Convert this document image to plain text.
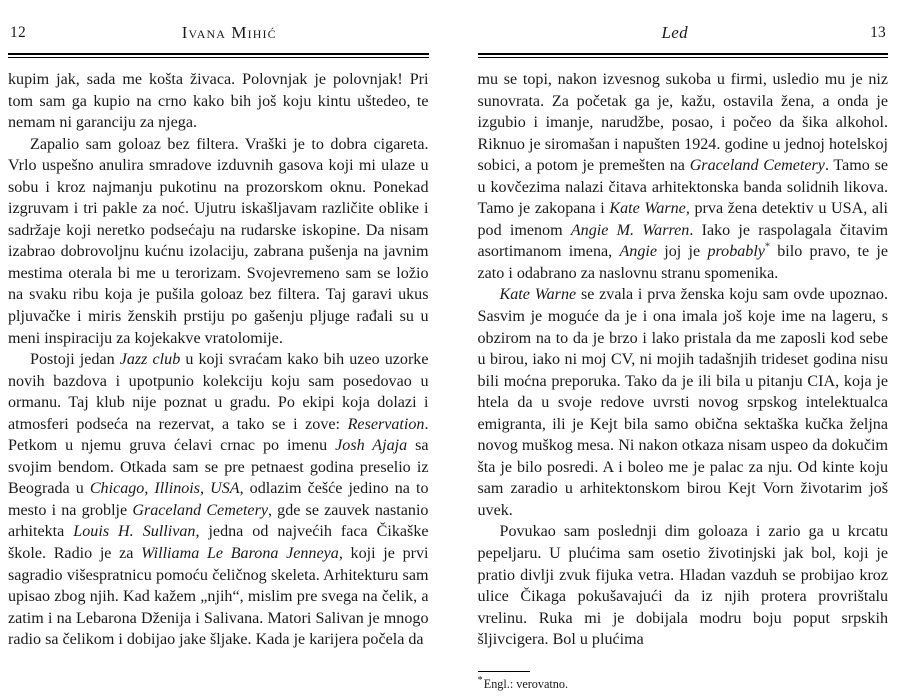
12	Ivana Mihić

kupim jak, sada me košta živaca. Polovnjak je polovnjak! Pri tom sam ga kupio na crno kako bih još koju kintu uštedeo, te nemam ni garanciju za njega.

Zapalio sam goloaz bez filtera. Vraški je to dobra cigareta. Vrlo uspešno anulira smradove izduvnih gasova koji mi ulaze u sobu i kroz najmanju pukotinu na prozorskom oknu. Ponekad izgruvam i tri pakle za noć. Ujutru iskašljavam različite oblike i sadržaje koji neretko podsećaju na rudarske iskopine. Da nisam izabrao dobrovoljnu kućnu izolaciju, zabrana pušenja na javnim mestima oterala bi me u terorizam. Svojevremeno sam se ložio na svaku ribu koja je pušila goloaz bez filtera. Taj garavi ukus pljuvačke i miris ženskih prstiju po gašenju pljuge rađali su u meni inspiraciju za kojekakve vratolomije.

Postoji jedan Jazz club u koji svraćam kako bih uzeo uzorke novih bazdova i upotpunio kolekciju koju sam posedovao u ormanu. Taj klub nije poznat u gradu. Po ekipi koja dolazi i atmosferi podseća na rezervat, a tako se i zove: Reservation. Petkom u njemu gruva ćelavi crnac po imenu Josh Ajaja sa svojim bendom. Otkada sam se pre petnaest godina preselio iz Beograda u Chicago, Illinois, USA, odlazim češće jedino na to mesto i na groblje Graceland Cemetery, gde se zauvek nastanio arhitekta Louis H. Sullivan, jedna od najvećih faca Čikaške škole. Radio je za Williama Le Barona Jenneya, koji je prvi sagradio višespratnicu pomoću čeličnog skeleta. Arhitekturu sam upisao zbog njih. Kad kažem „njih“, mislim pre svega na čelik, a zatim i na Lebarona Dženija i Salivana. Matori Salivan je mnogo radio sa čelikom i dobijao jake šljake. Kada je karijera počela da

Led	13

mu se topi, nakon izvesnog sukoba u firmi, usledio mu je niz sunovrata. Za početak ga je, kažu, ostavila žena, a onda je izgubio i imanje, narudžbe, posao, i počeo da šika alkohol. Riknuo je siromašan i napušten 1924. godine u jednoj hotelskoj sobici, a potom je premešten na Graceland Cemetery. Tamo se u kovčezima nalazi čitava arhitektonska banda solidnih likova. Tamo je zakopana i Kate Warne, prva žena detektiv u USA, ali pod imenom Angie M. Warren. Iako je raspolagala čitavim asortimanom imena, Angie joj je probably* bilo pravo, te je zato i odabrano za naslovnu stranu spomenika.

Kate Warne se zvala i prva ženska koju sam ovde upoznao. Sasvim je moguće da je i ona imala još koje ime na lageru, s obzirom na to da je brzo i lako pristala da me zaposli kod sebe u birou, iako ni moj CV, ni mojih tadašnjih trideset godina nisu bili moćna preporuka. Tako da je ili bila u pitanju CIA, koja je htela da u svoje redove uvrsti novog srpskog intelektualca emigranta, ili je Kejt bila samo obična sektaška kučka željna novog muškog mesa. Ni nakon otkaza nisam uspeo da dokučim šta je bilo posredi. A i boleo me je palac za nju. Od kinte koju sam zaradio u arhitektonskom birou Kejt Vorn životarim još uvek.

Povukao sam poslednji dim goloaza i zario ga u krcatu pepeljaru. U plućima sam osetio životinjski jak bol, koji je pratio divlji zvuk fijuka vetra. Hladan vazduh se probijao kroz ulice Čikaga pokušavajući da iz njih protera provrištalu vrelinu. Ruka mi je dobijala modru boju poput srpskih šljivcigera. Bol u plućima

*Engl.: verovatno.
